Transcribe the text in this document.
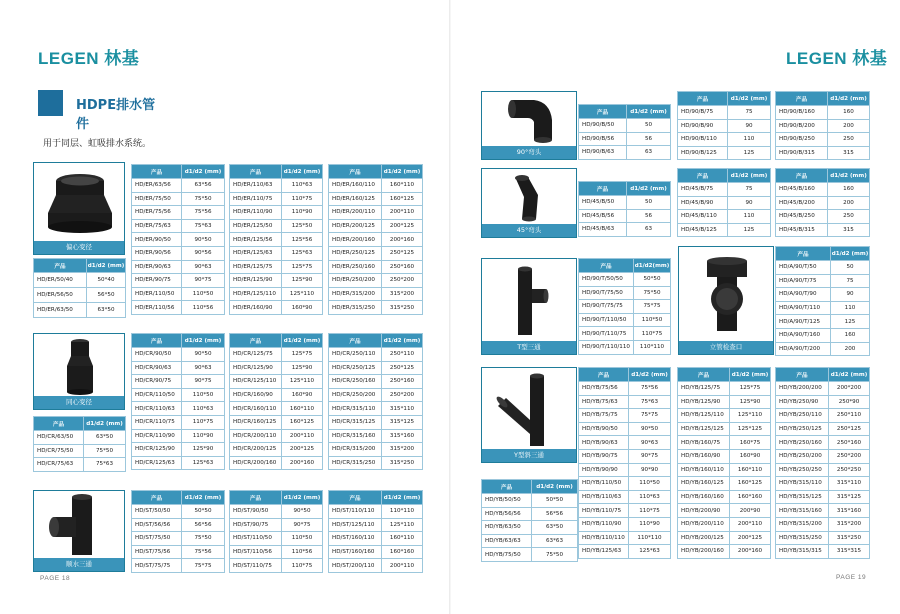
LEGEN 林基	LEGEN 林基
HDPE排水管件
用于同层、虹吸排水系统。
偏心变径
同心变径
顺水三通
90°弯头
45°弯头
T型三通	立管检查口
Y型斜三通
产品	d1/d2 (mm)
HD/ER/50/40	50*40
HD/ER/56/50	56*50
HD/ER/63/50	63*50
产品	d1/d2 (mm)
HD/ER/63/56	63*56
HD/ER/75/50	75*50
HD/ER/75/56	75*56
HD/ER/75/63	75*63
HD/ER/90/50	90*50
HD/ER/90/56	90*56
HD/ER/90/63	90*63
HD/ER/90/75	90*75
HD/ER/110/50	110*50
HD/ER/110/56	110*56
产品	d1/d2 (mm)
HD/ER/110/63	110*63
HD/ER/110/75	110*75
HD/ER/110/90	110*90
HD/ER/125/50	125*50
HD/ER/125/56	125*56
HD/ER/125/63	125*63
HD/ER/125/75	125*75
HD/ER/125/90	125*90
HD/ER/125/110	125*110
HD/ER/160/90	160*90
产品	d1/d2 (mm)
HD/ER/160/110	160*110
HD/ER/160/125	160*125
HD/ER/200/110	200*110
HD/ER/200/125	200*125
HD/ER/200/160	200*160
HD/ER/250/125	250*125
HD/ER/250/160	250*160
HD/ER/250/200	250*200
HD/ER/315/200	315*200
HD/ER/315/250	315*250
产品	d1/d2 (mm)
HD/CR/63/50	63*50
HD/CR/75/50	75*50
HD/CR/75/63	75*63
产品	d1/d2 (mm)
HD/CR/90/50	90*50
HD/CR/90/63	90*63
HD/CR/90/75	90*75
HD/CR/110/50	110*50
HD/CR/110/63	110*63
HD/CR/110/75	110*75
HD/CR/110/90	110*90
HD/CR/125/90	125*90
HD/CR/125/63	125*63
产品	d1/d2 (mm)
HD/CR/125/75	125*75
HD/CR/125/90	125*90
HD/CR/125/110	125*110
HD/CR/160/90	160*90
HD/CR/160/110	160*110
HD/CR/160/125	160*125
HD/CR/200/110	200*110
HD/CR/200/125	200*125
HD/CR/200/160	200*160
产品	d1/d2 (mm)
HD/CR/250/110	250*110
HD/CR/250/125	250*125
HD/CR/250/160	250*160
HD/CR/250/200	250*200
HD/CR/315/110	315*110
HD/CR/315/125	315*125
HD/CR/315/160	315*160
HD/CR/315/200	315*200
HD/CR/315/250	315*250
产品	d1/d2 (mm)
HD/ST/50/50	50*50
HD/ST/56/56	56*56
HD/ST/75/50	75*50
HD/ST/75/56	75*56
HD/ST/75/75	75*75
产品	d1/d2 (mm)
HD/ST/90/50	90*50
HD/ST/90/75	90*75
HD/ST/110/50	110*50
HD/ST/110/56	110*56
HD/ST/110/75	110*75
产品	d1/d2 (mm)
HD/ST/110/110	110*110
HD/ST/125/110	125*110
HD/ST/160/110	160*110
HD/ST/160/160	160*160
HD/ST/200/110	200*110
产品	d1/d2 (mm)
HD/90/B/50	50
HD/90/B/56	56
HD/90/B/63	63
产品	d1/d2 (mm)
HD/90/B/75	75
HD/90/B/90	90
HD/90/B/110	110
HD/90/B/125	125
产品	d1/d2 (mm)
HD/90/B/160	160
HD/90/B/200	200
HD/90/B/250	250
HD/90/B/315	315
产品	d1/d2 (mm)
HD/45/B/50	50
HD/45/B/56	56
HD/45/B/63	63
产品	d1/d2 (mm)
HD/45/B/75	75
HD/45/B/90	90
HD/45/B/110	110
HD/45/B/125	125
产品	d1/d2 (mm)
HD/45/B/160	160
HD/45/B/200	200
HD/45/B/250	250
HD/45/B/315	315
产品	d1/d2(mm)
HD/90/T/50/50	50*50
HD/90/T/75/50	75*50
HD/90/T/75/75	75*75
HD/90/T/110/50	110*50
HD/90/T/110/75	110*75
HD/90/T/110/110	110*110
产品	d1/d2 (mm)
HD/A/90/T/50	50
HD/A/90/T/75	75
HD/A/90/T/90	90
HD/A/90/T/110	110
HD/A/90/T/125	125
HD/A/90/T/160	160
HD/A/90/T/200	200
产品	d1/d2 (mm)
HD/YB/50/50	50*50
HD/YB/56/56	56*56
HD/YB/63/50	63*50
HD/YB/63/63	63*63
HD/YB/75/50	75*50
产品	d1/d2 (mm)
HD/YB/75/56	75*56
HD/YB/75/63	75*63
HD/YB/75/75	75*75
HD/YB/90/50	90*50
HD/YB/90/63	90*63
HD/YB/90/75	90*75
HD/YB/90/90	90*90
HD/YB/110/50	110*50
HD/YB/110/63	110*63
HD/YB/110/75	110*75
HD/YB/110/90	110*90
HD/YB/110/110	110*110
HD/YB/125/63	125*63
产品	d1/d2 (mm)
HD/YB/125/75	125*75
HD/YB/125/90	125*90
HD/YB/125/110	125*110
HD/YB/125/125	125*125
HD/YB/160/75	160*75
HD/YB/160/90	160*90
HD/YB/160/110	160*110
HD/YB/160/125	160*125
HD/YB/160/160	160*160
HD/YB/200/90	200*90
HD/YB/200/110	200*110
HD/YB/200/125	200*125
HD/YB/200/160	200*160
产品	d1/d2 (mm)
HD/YB/200/200	200*200
HD/YB/250/90	250*90
HD/YB/250/110	250*110
HD/YB/250/125	250*125
HD/YB/250/160	250*160
HD/YB/250/200	250*200
HD/YB/250/250	250*250
HD/YB/315/110	315*110
HD/YB/315/125	315*125
HD/YB/315/160	315*160
HD/YB/315/200	315*200
HD/YB/315/250	315*250
HD/YB/315/315	315*315
PAGE 18	PAGE 19
